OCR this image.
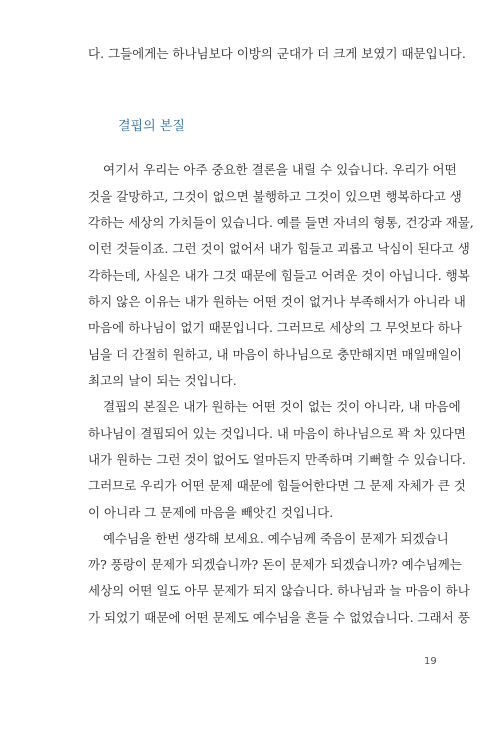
다. 그들에게는 하나님보다 이방의 군대가 더 크게 보였기 때문입니다.
결핍의 본질
여기서 우리는 아주 중요한 결론을 내릴 수 있습니다. 우리가 어떤
것을 갈망하고, 그것이 없으면 불행하고 그것이 있으면 행복하다고 생
각하는 세상의 가치들이 있습니다. 예를 들면 자녀의 형통, 건강과 재물,
이런 것들이죠. 그런 것이 없어서 내가 힘들고 괴롭고 낙심이 된다고 생
각하는데, 사실은 내가 그것 때문에 힘들고 어려운 것이 아닙니다. 행복
하지 않은 이유는 내가 원하는 어떤 것이 없거나 부족해서가 아니라 내
마음에 하나님이 없기 때문입니다. 그러므로 세상의 그 무엇보다 하나
님을 더 간절히 원하고, 내 마음이 하나님으로 충만해지면 매일매일이
최고의 날이 되는 것입니다.
결핍의 본질은 내가 원하는 어떤 것이 없는 것이 아니라, 내 마음에
하나님이 결핍되어 있는 것입니다. 내 마음이 하나님으로 꽉 차 있다면
내가 원하는 그런 것이 없어도 얼마든지 만족하며 기뻐할 수 있습니다.
그러므로 우리가 어떤 문제 때문에 힘들어한다면 그 문제 자체가 큰 것
이 아니라 그 문제에 마음을 빼앗긴 것입니다.
예수님을 한번 생각해 보세요. 예수님께 죽음이 문제가 되겠습니
까? 풍랑이 문제가 되겠습니까? 돈이 문제가 되겠습니까? 예수님께는
세상의 어떤 일도 아무 문제가 되지 않습니다. 하나님과 늘 마음이 하나
가 되었기 때문에 어떤 문제도 예수님을 흔들 수 없었습니다. 그래서 풍
19
